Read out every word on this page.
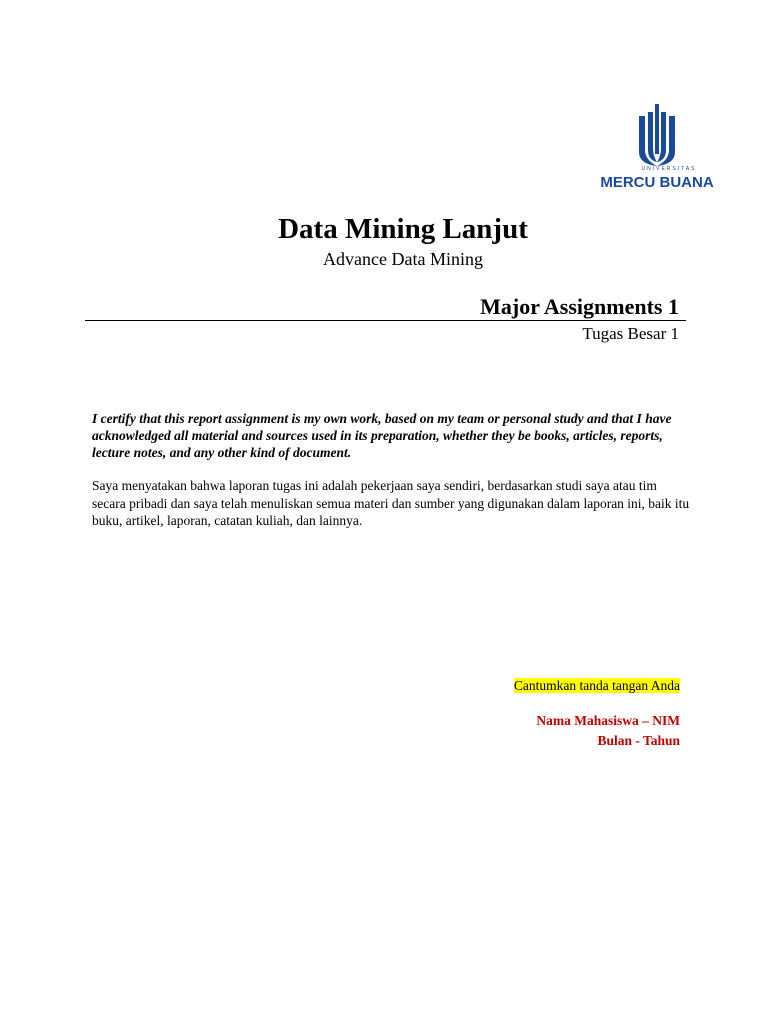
UNIVERSITAS
MERCU BUANA
Data Mining Lanjut
Advance Data Mining
Major Assignments 1
Tugas Besar 1
I certify that this report assignment is my own work, based on my team or personal study and that I have acknowledged all material and sources used in its preparation, whether they be books, articles, reports, lecture notes, and any other kind of document.
Saya menyatakan bahwa laporan tugas ini adalah pekerjaan saya sendiri, berdasarkan studi saya atau tim secara pribadi dan saya telah menuliskan semua materi dan sumber yang digunakan dalam laporan ini, baik itu buku, artikel, laporan, catatan kuliah, dan lainnya.
Cantumkan tanda tangan Anda
Nama Mahasiswa – NIM
Bulan - Tahun
